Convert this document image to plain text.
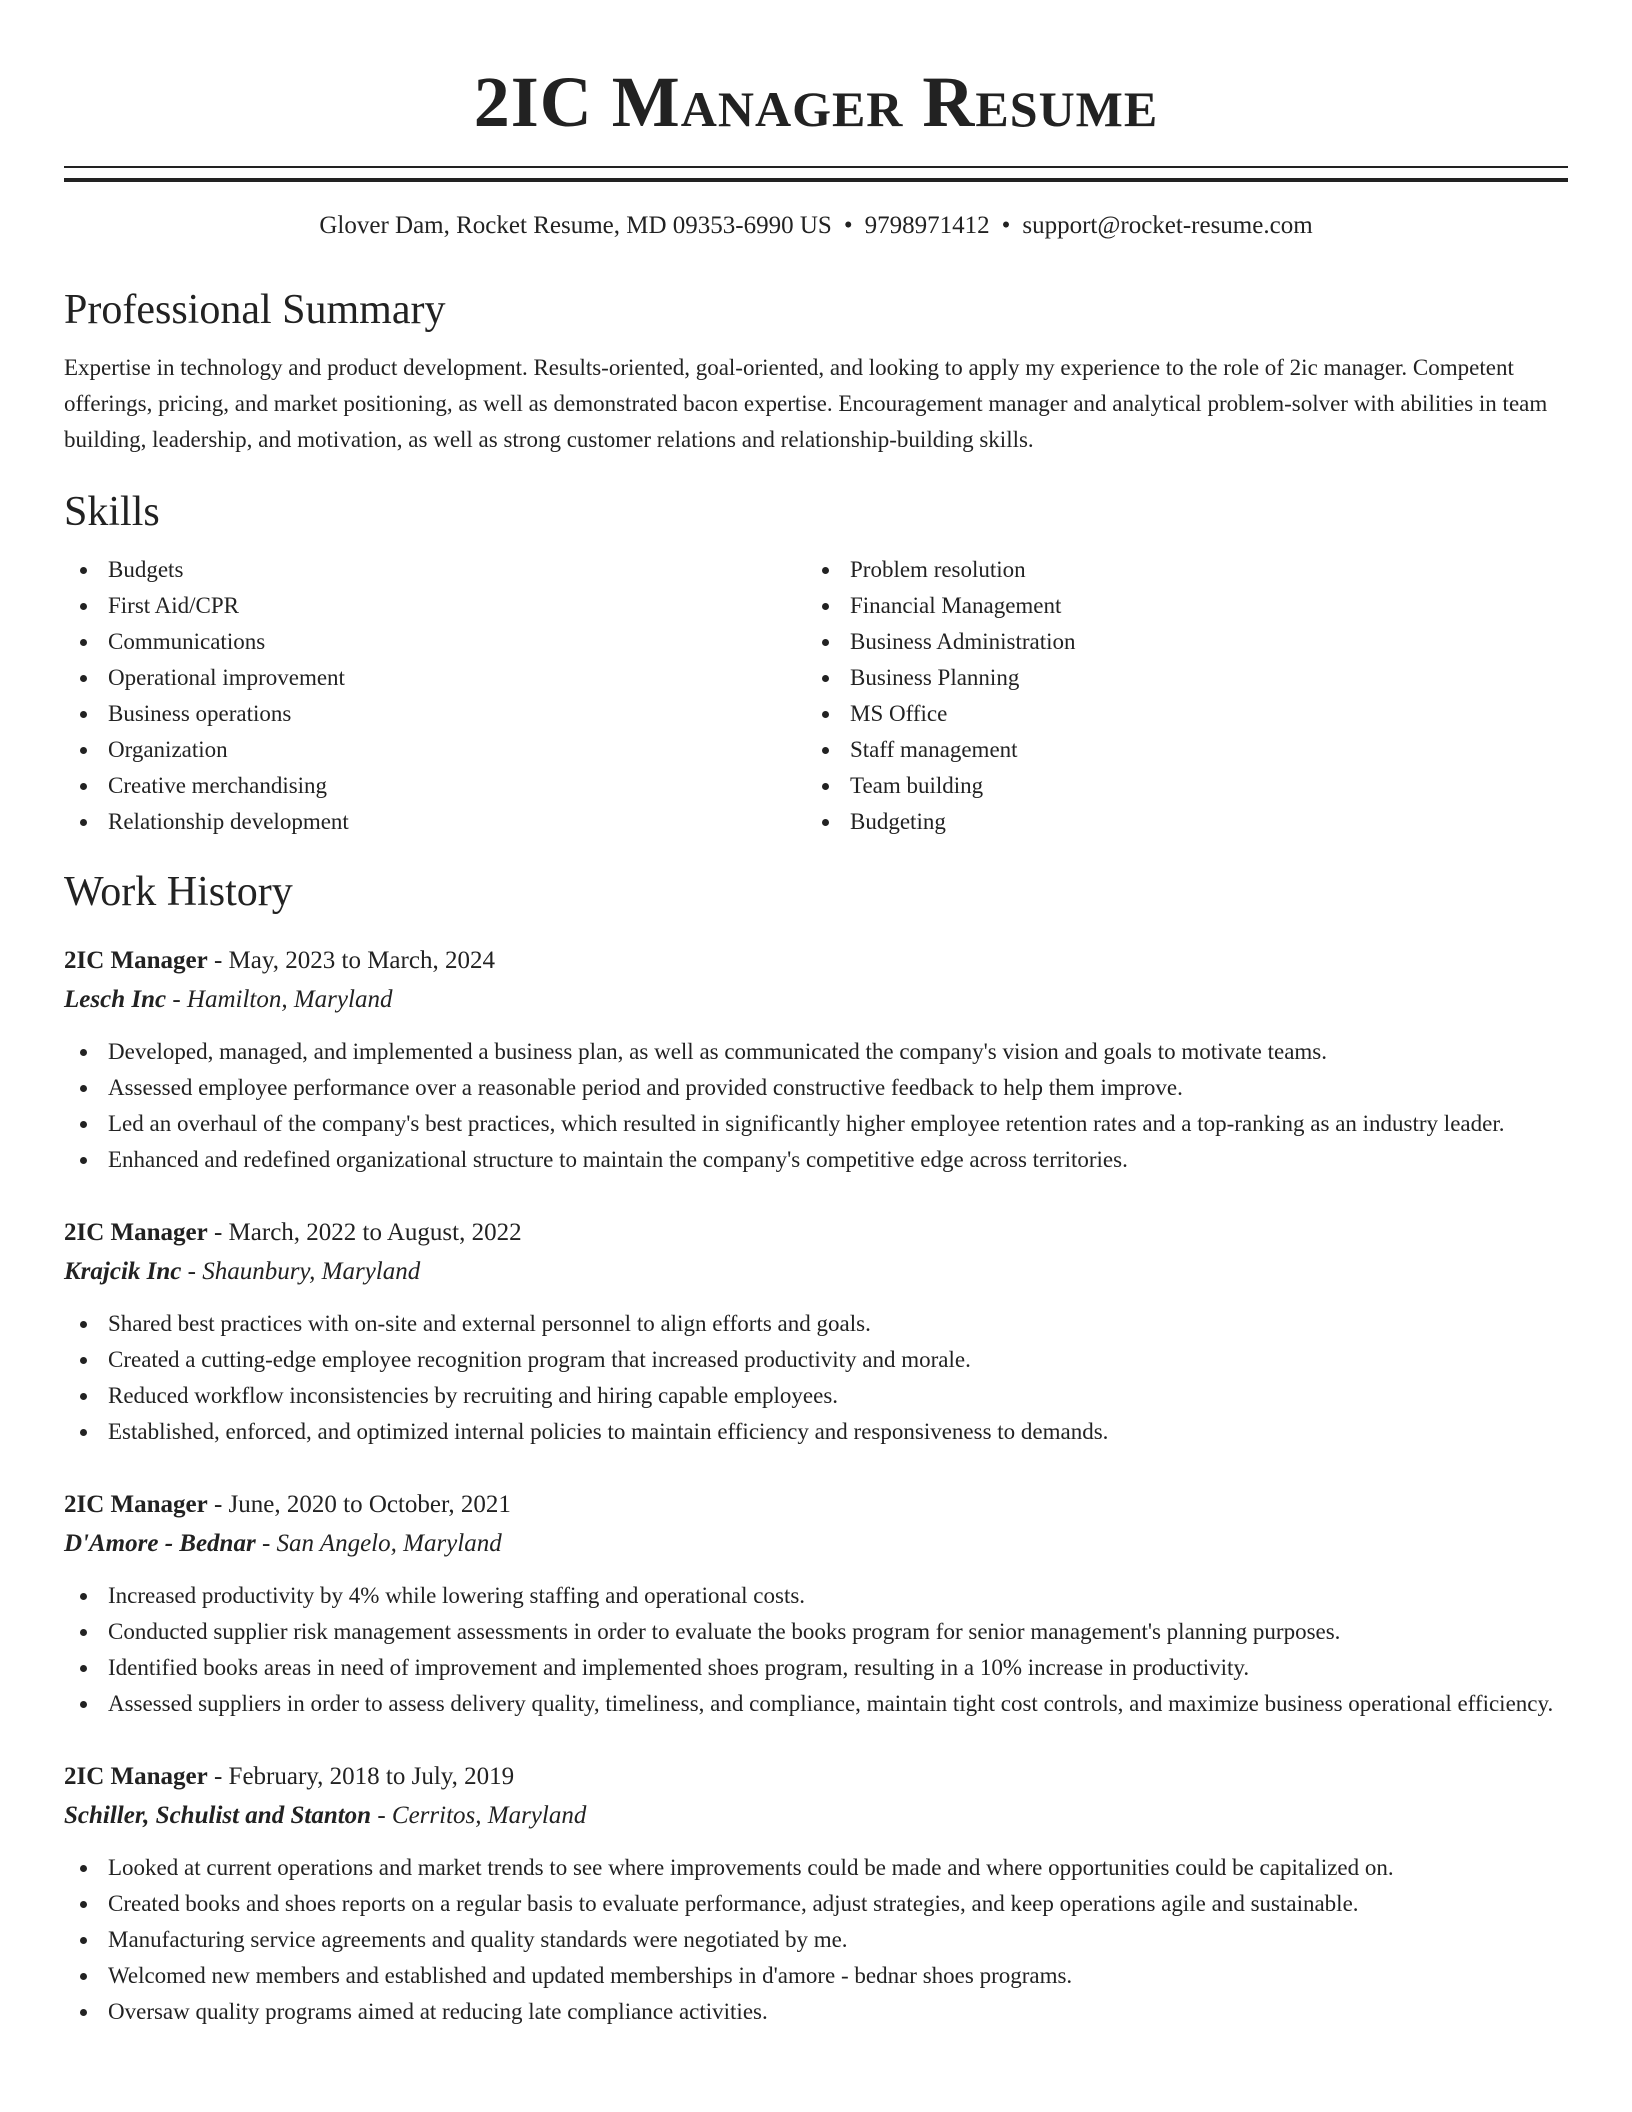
2IC Manager Resume
Glover Dam, Rocket Resume, MD 09353-6990 US • 9798971412 • support@rocket-resume.com
Professional Summary

Expertise in technology and product development. Results-oriented, goal-oriented, and looking to apply my experience to the role of 2ic manager. Competent offerings, pricing, and market positioning, as well as demonstrated bacon expertise. Encouragement manager and analytical problem-solver with abilities in team building, leadership, and motivation, as well as strong customer relations and relationship-building skills.

Skills
Budgets
First Aid/CPR
Communications
Operational improvement
Business operations
Organization
Creative merchandising
Relationship development
Problem resolution
Financial Management
Business Administration
Business Planning
MS Office
Staff management
Team building
Budgeting
Work History
2IC Manager - May, 2023 to March, 2024
Lesch Inc - Hamilton, Maryland
Developed, managed, and implemented a business plan, as well as communicated the company's vision and goals to motivate teams.
Assessed employee performance over a reasonable period and provided constructive feedback to help them improve.
Led an overhaul of the company's best practices, which resulted in significantly higher employee retention rates and a top-ranking as an industry leader.
Enhanced and redefined organizational structure to maintain the company's competitive edge across territories.
2IC Manager - March, 2022 to August, 2022
Krajcik Inc - Shaunbury, Maryland
Shared best practices with on-site and external personnel to align efforts and goals.
Created a cutting-edge employee recognition program that increased productivity and morale.
Reduced workflow inconsistencies by recruiting and hiring capable employees.
Established, enforced, and optimized internal policies to maintain efficiency and responsiveness to demands.
2IC Manager - June, 2020 to October, 2021
D'Amore - Bednar - San Angelo, Maryland
Increased productivity by 4% while lowering staffing and operational costs.
Conducted supplier risk management assessments in order to evaluate the books program for senior management's planning purposes.
Identified books areas in need of improvement and implemented shoes program, resulting in a 10% increase in productivity.
Assessed suppliers in order to assess delivery quality, timeliness, and compliance, maintain tight cost controls, and maximize business operational efficiency.
2IC Manager - February, 2018 to July, 2019
Schiller, Schulist and Stanton - Cerritos, Maryland
Looked at current operations and market trends to see where improvements could be made and where opportunities could be capitalized on.
Created books and shoes reports on a regular basis to evaluate performance, adjust strategies, and keep operations agile and sustainable.
Manufacturing service agreements and quality standards were negotiated by me.
Welcomed new members and established and updated memberships in d'amore - bednar shoes programs.
Oversaw quality programs aimed at reducing late compliance activities.
